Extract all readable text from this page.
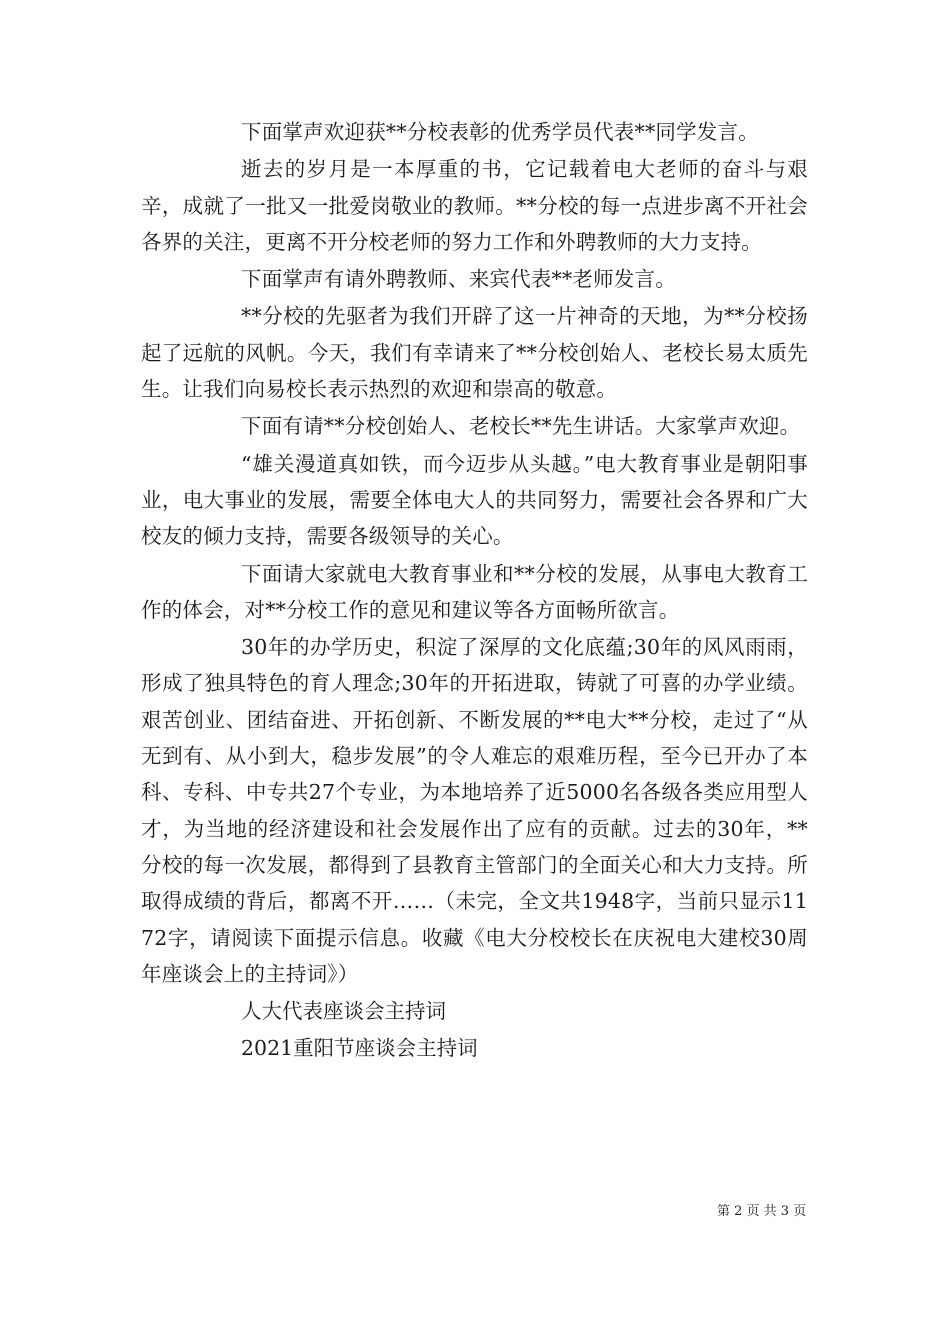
下面掌声欢迎获**分校表彰的优秀学员代表**同学发言。

逝去的岁月是一本厚重的书，它记载着电大老师的奋斗与艰辛，成就了一批又一批爱岗敬业的教师。**分校的每一点进步离不开社会各界的关注，更离不开分校老师的努力工作和外聘教师的大力支持。

下面掌声有请外聘教师、来宾代表**老师发言。

**分校的先驱者为我们开辟了这一片神奇的天地，为**分校扬起了远航的风帆。今天，我们有幸请来了**分校创始人、老校长易太质先生。让我们向易校长表示热烈的欢迎和崇高的敬意。

下面有请**分校创始人、老校长**先生讲话。大家掌声欢迎。

“雄关漫道真如铁，而今迈步从头越。”电大教育事业是朝阳事业，电大事业的发展，需要全体电大人的共同努力，需要社会各界和广大校友的倾力支持，需要各级领导的关心。

下面请大家就电大教育事业和**分校的发展，从事电大教育工作的体会，对**分校工作的意见和建议等各方面畅所欲言。

30年的办学历史，积淀了深厚的文化底蕴;30年的风风雨雨，形成了独具特色的育人理念;30年的开拓进取，铸就了可喜的办学业绩。艰苦创业、团结奋进、开拓创新、不断发展的**电大**分校，走过了“从无到有、从小到大，稳步发展”的令人难忘的艰难历程，至今已开办了本科、专科、中专共27个专业，为本地培养了近5000名各级各类应用型人才，为当地的经济建设和社会发展作出了应有的贡献。过去的30年，**分校的每一次发展，都得到了县教育主管部门的全面关心和大力支持。所取得成绩的背后，都离不开……（未完，全文共1948字，当前只显示1172字，请阅读下面提示信息。收藏《电大分校校长在庆祝电大建校30周年座谈会上的主持词》）

人大代表座谈会主持词

2021重阳节座谈会主持词

第 2 页 共 3 页
